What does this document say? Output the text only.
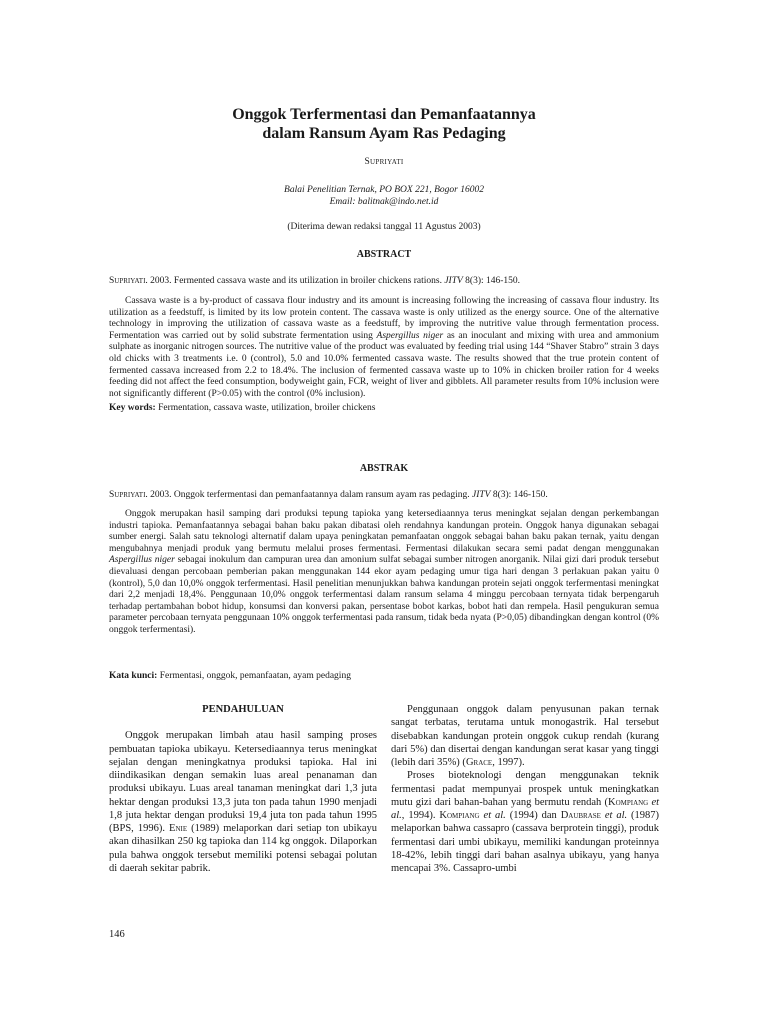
Onggok Terfermentasi dan Pemanfaatannya
dalam Ransum Ayam Ras Pedaging
Supriyati
Balai Penelitian Ternak, PO BOX 221, Bogor 16002
Email: balitnak@indo.net.id
(Diterima dewan redaksi tanggal 11 Agustus 2003)
ABSTRACT

Supriyati. 2003. Fermented cassava waste and its utilization in broiler chickens rations. JITV 8(3): 146-150.

Cassava waste is a by-product of cassava flour industry and its amount is increasing following the increasing of cassava flour industry. Its utilization as a feedstuff, is limited by its low protein content. The cassava waste is only utilized as the energy source. One of the alternative technology in improving the utilization of cassava waste as a feedstuff, by improving the nutritive value through fermentation process. Fermentation was carried out by solid substrate fermentation using Aspergillus niger as an inoculant and mixing with urea and ammonium sulphate as inorganic nitrogen sources. The nutritive value of the product was evaluated by feeding trial using 144 “Shaver Stabro” strain 3 days old chicks with 3 treatments i.e. 0 (control), 5.0 and 10.0% fermented cassava waste. The results showed that the true protein content of fermented cassava increased from 2.2 to 18.4%. The inclusion of fermented cassava waste up to 10% in chicken broiler ration for 4 weeks feeding did not affect the feed consumption, bodyweight gain, FCR, weight of liver and gibblets. All parameter results from 10% inclusion were not significantly different (P>0.05) with the control (0% inclusion).

Key words: Fermentation, cassava waste, utilization, broiler chickens

ABSTRAK

Supriyati. 2003. Onggok terfermentasi dan pemanfaatannya dalam ransum ayam ras pedaging. JITV 8(3): 146-150.

Onggok merupakan hasil samping dari produksi tepung tapioka yang ketersediaannya terus meningkat sejalan dengan perkembangan industri tapioka. Pemanfaatannya sebagai bahan baku pakan dibatasi oleh rendahnya kandungan protein. Onggok hanya digunakan sebagai sumber energi. Salah satu teknologi alternatif dalam upaya peningkatan pemanfaatan onggok sebagai bahan baku pakan ternak, yaitu dengan mengubahnya menjadi produk yang bermutu melalui proses fermentasi. Fermentasi dilakukan secara semi padat dengan menggunakan Aspergillus niger sebagai inokulum dan campuran urea dan amonium sulfat sebagai sumber nitrogen anorganik. Nilai gizi dari produk tersebut dievaluasi dengan percobaan pemberian pakan menggunakan 144 ekor ayam pedaging umur tiga hari dengan 3 perlakuan pakan yaitu 0 (kontrol), 5,0 dan 10,0% onggok terfermentasi. Hasil penelitian menunjukkan bahwa kandungan protein sejati onggok terfermentasi meningkat dari 2,2 menjadi 18,4%. Penggunaan 10,0% onggok terfermentasi dalam ransum selama 4 minggu percobaan ternyata tidak berpengaruh terhadap pertambahan bobot hidup, konsumsi dan konversi pakan, persentase bobot karkas, bobot hati dan rempela. Hasil pengukuran semua parameter percobaan ternyata penggunaan 10% onggok terfermentasi pada ransum, tidak beda nyata (P>0,05) dibandingkan dengan kontrol (0% onggok terfermentasi).

Kata kunci: Fermentasi, onggok, pemanfaatan, ayam pedaging

PENDAHULUAN

Onggok merupakan limbah atau hasil samping proses pembuatan tapioka ubikayu. Ketersediaannya terus meningkat sejalan dengan meningkatnya produksi tapioka. Hal ini diindikasikan dengan semakin luas areal penanaman dan produksi ubikayu. Luas areal tanaman meningkat dari 1,3 juta hektar dengan produksi 13,3 juta ton pada tahun 1990 menjadi 1,8 juta hektar dengan produksi 19,4 juta ton pada tahun 1995 (BPS, 1996). Enie (1989) melaporkan dari setiap ton ubikayu akan dihasilkan 250 kg tapioka dan 114 kg onggok. Dilaporkan pula bahwa onggok tersebut memiliki potensi sebagai polutan di daerah sekitar pabrik.

Penggunaan onggok dalam penyusunan pakan ternak sangat terbatas, terutama untuk monogastrik. Hal tersebut disebabkan kandungan protein onggok cukup rendah (kurang dari 5%) dan disertai dengan kandungan serat kasar yang tinggi (lebih dari 35%) (Grace, 1997).

Proses bioteknologi dengan menggunakan teknik fermentasi padat mempunyai prospek untuk meningkatkan mutu gizi dari bahan-bahan yang bermutu rendah (Kompiang et al., 1994). Kompiang et al. (1994) dan Daubrase et al. (1987) melaporkan bahwa cassapro (cassava berprotein tinggi), produk fermentasi dari umbi ubikayu, memiliki kandungan proteinnya 18-42%, lebih tinggi dari bahan asalnya ubikayu, yang hanya mencapai 3%. Cassapro-umbi

146
